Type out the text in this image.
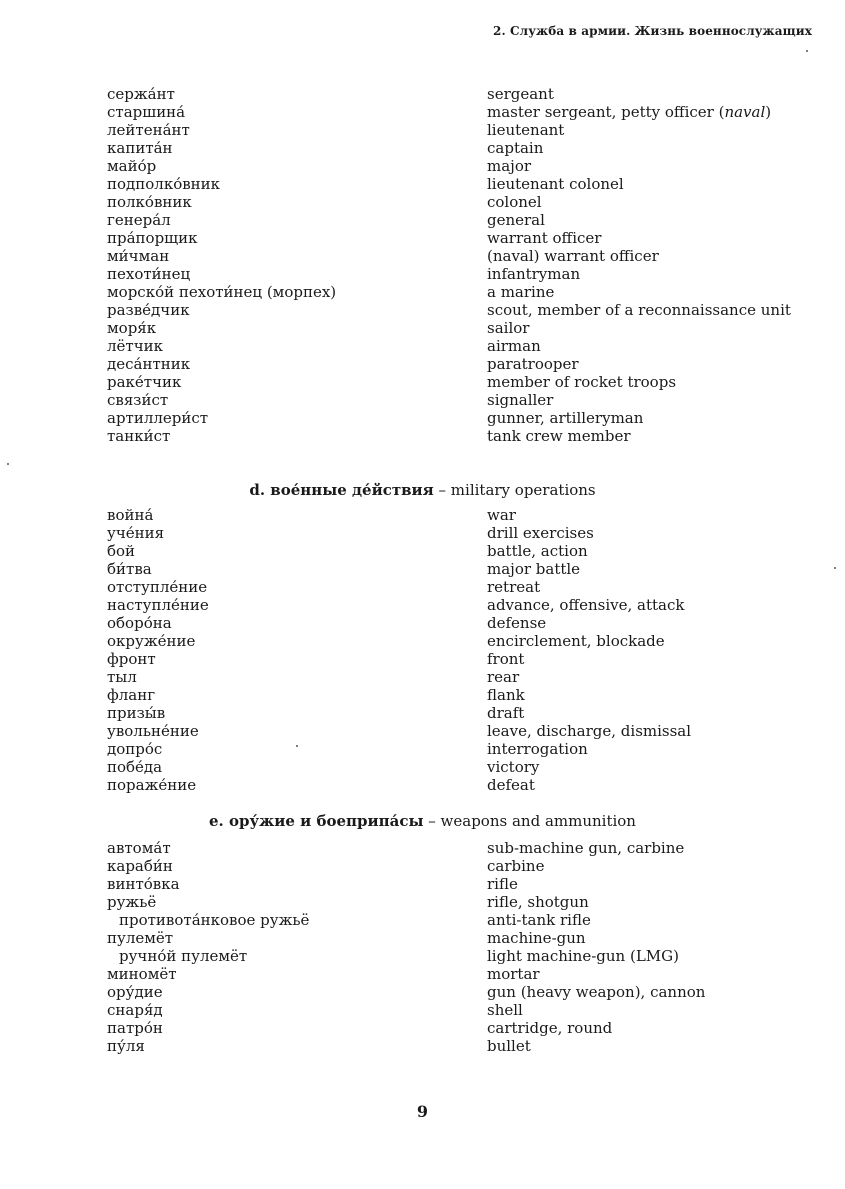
2. Служба в армии. Жизнь военнослужащих
сержа́нт	sergeant
старшина́	master sergeant, petty officer (naval)
лейтена́нт	lieutenant
капита́н	captain
майо́р	major
подполко́вник	lieutenant colonel
полко́вник	colonel
генера́л	general
пра́порщик	warrant officer
ми́чман	(naval) warrant officer
пехоти́нец	infantryman
морско́й пехоти́нец (морпех)	a marine
разве́дчик	scout, member of a reconnaissance unit
моря́к	sailor
лётчик	airman
деса́нтник	paratrooper
раке́тчик	member of rocket troops
связи́ст	signaller
артиллери́ст	gunner, artilleryman
танки́ст	tank crew member
d. вое́нные де́йствия – military operations
война́	war
уче́ния	drill exercises
бой	battle, action
би́тва	major battle
отступле́ние	retreat
наступле́ние	advance, offensive, attack
оборо́на	defense
окруже́ние	encirclement, blockade
фронт	front
тыл	rear
фланг	flank
призы́в	draft
увольне́ние	leave, discharge, dismissal
допро́с	interrogation
побе́да	victory
пораже́ние	defeat
e. ору́жие и боеприпа́сы – weapons and ammunition
автома́т	sub-machine gun, carbine
караби́н	carbine
винто́вка	rifle
ружьё	rifle, shotgun
противота́нковое ружьё	anti-tank rifle
пулемёт	machine-gun
ручно́й пулемёт	light machine-gun (LMG)
миномёт	mortar
ору́дие	gun (heavy weapon), cannon
снаря́д	shell
патро́н	cartridge, round
пу́ля	bullet
9
